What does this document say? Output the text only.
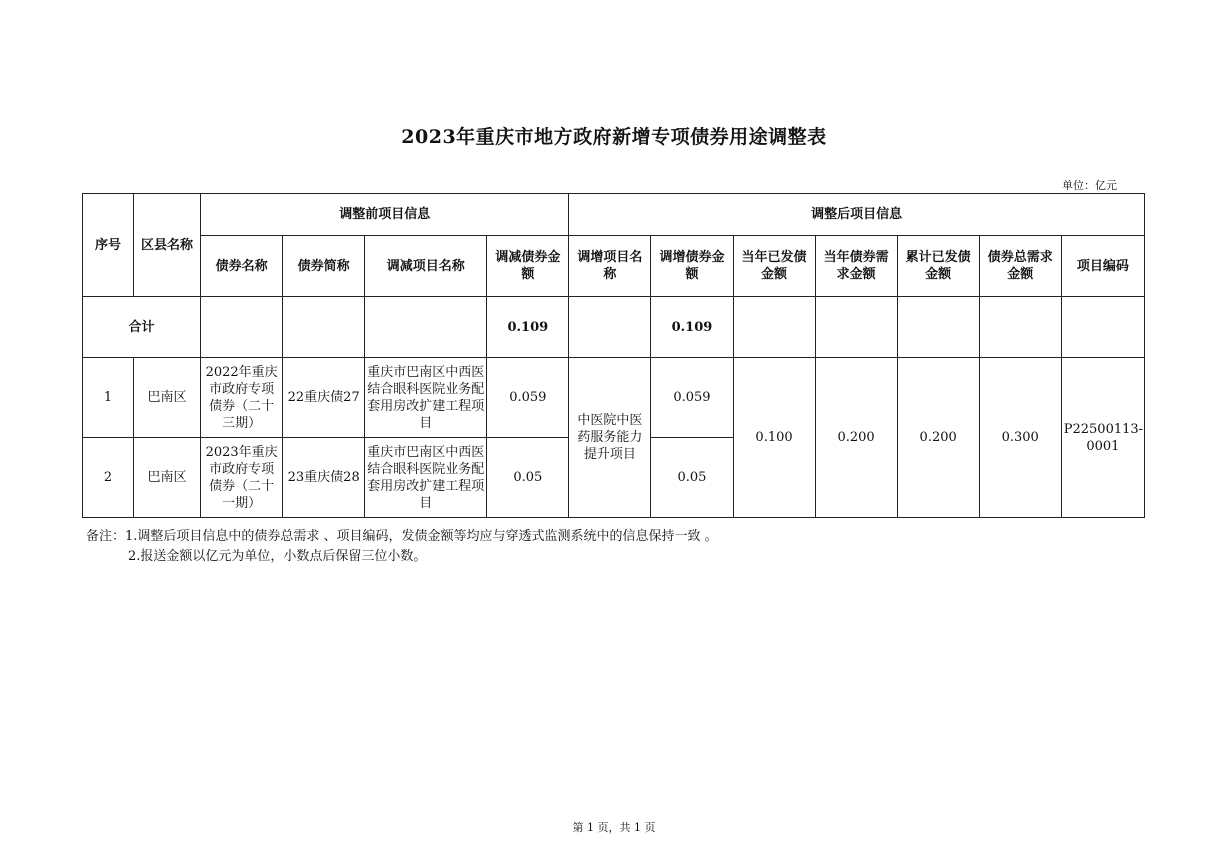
2023年重庆市地方政府新增专项债券用途调整表
单位：亿元
序号	区县名称	调整前项目信息				调整后项目信息						
		债券名称	债券简称	调减项目名称	调减债券金额	调增项目名称	调增债券金额	当年已发债金额	当年债券需求金额	累计已发债金额	债券总需求金额	项目编码
合计					0.109		0.109					
1	巴南区	2022年重庆市政府专项债券（二十三期）	22重庆债27	重庆市巴南区中西医结合眼科医院业务配套用房改扩建工程项目	0.059	中医院中医药服务能力提升项目	0.059	0.100	0.200	0.200	0.300	P22500113-0001
2	巴南区	2023年重庆市政府专项债券（二十一期）	23重庆债28	重庆市巴南区中西医结合眼科医院业务配套用房改扩建工程项目	0.05		0.05					
备注：1.调整后项目信息中的债券总需求 、项目编码，发债金额等均应与穿透式监测系统中的信息保持一致 。
2.报送金额以亿元为单位，小数点后保留三位小数。
第 1 页，共 1 页
